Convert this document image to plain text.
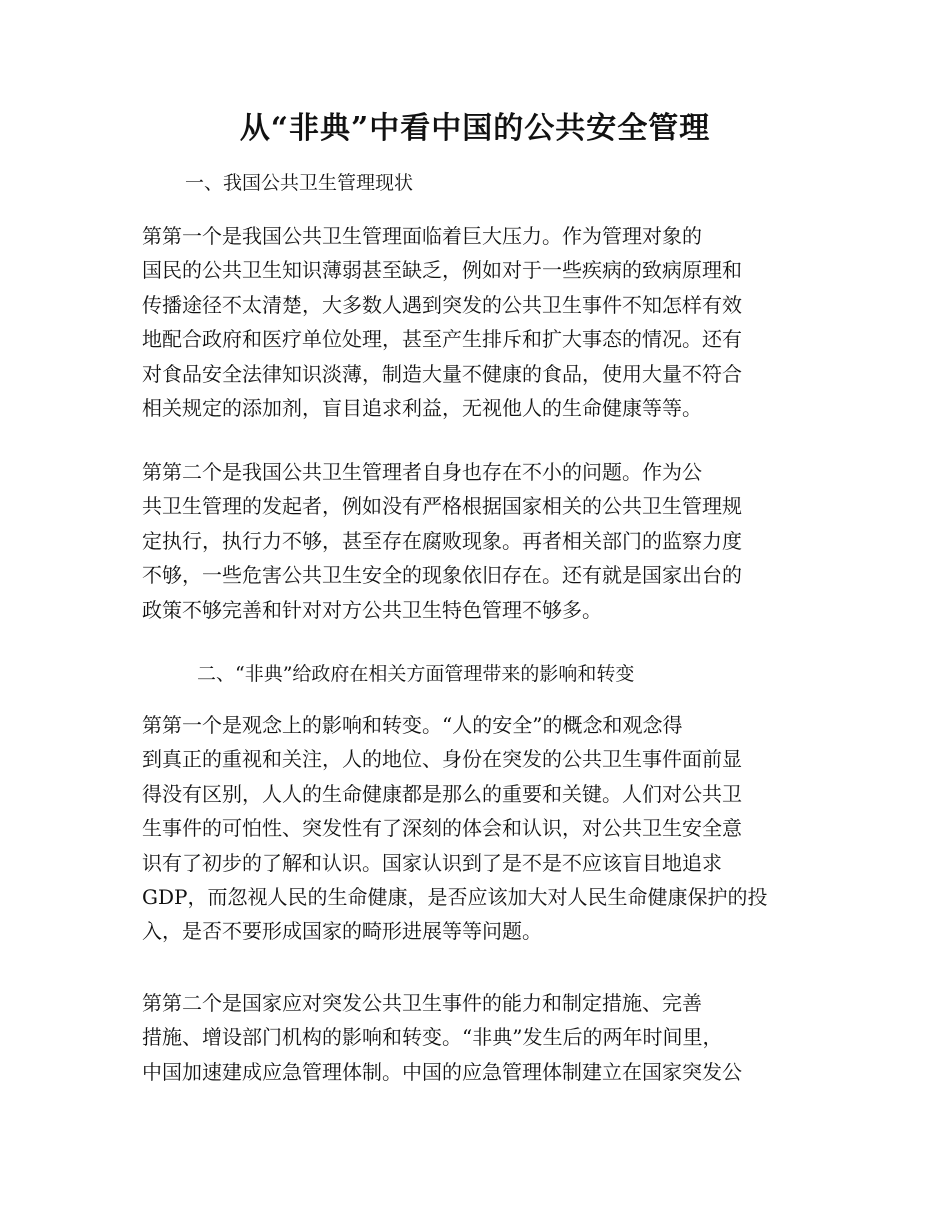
从“非典”中看中国的公共安全管理

一、我国公共卫生管理现状

第第一个是我国公共卫生管理面临着巨大压力。作为管理对象的
国民的公共卫生知识薄弱甚至缺乏，例如对于一些疾病的致病原理和
传播途径不太清楚，大多数人遇到突发的公共卫生事件不知怎样有效
地配合政府和医疗单位处理，甚至产生排斥和扩大事态的情况。还有
对食品安全法律知识淡薄，制造大量不健康的食品，使用大量不符合
相关规定的添加剂，盲目追求利益，无视他人的生命健康等等。

第第二个是我国公共卫生管理者自身也存在不小的问题。作为公
共卫生管理的发起者，例如没有严格根据国家相关的公共卫生管理规
定执行，执行力不够，甚至存在腐败现象。再者相关部门的监察力度
不够，一些危害公共卫生安全的现象依旧存在。还有就是国家出台的
政策不够完善和针对对方公共卫生特色管理不够多。

二、“非典”给政府在相关方面管理带来的影响和转变

第第一个是观念上的影响和转变。“人的安全”的概念和观念得
到真正的重视和关注，人的地位、身份在突发的公共卫生事件面前显
得没有区别，人人的生命健康都是那么的重要和关键。人们对公共卫
生事件的可怕性、突发性有了深刻的体会和认识，对公共卫生安全意
识有了初步的了解和认识。国家认识到了是不是不应该盲目地追求
GDP，而忽视人民的生命健康，是否应该加大对人民生命健康保护的投
入，是否不要形成国家的畸形进展等等问题。

第第二个是国家应对突发公共卫生事件的能力和制定措施、完善
措施、增设部门机构的影响和转变。“非典”发生后的两年时间里，
中国加速建成应急管理体制。中国的应急管理体制建立在国家突发公
